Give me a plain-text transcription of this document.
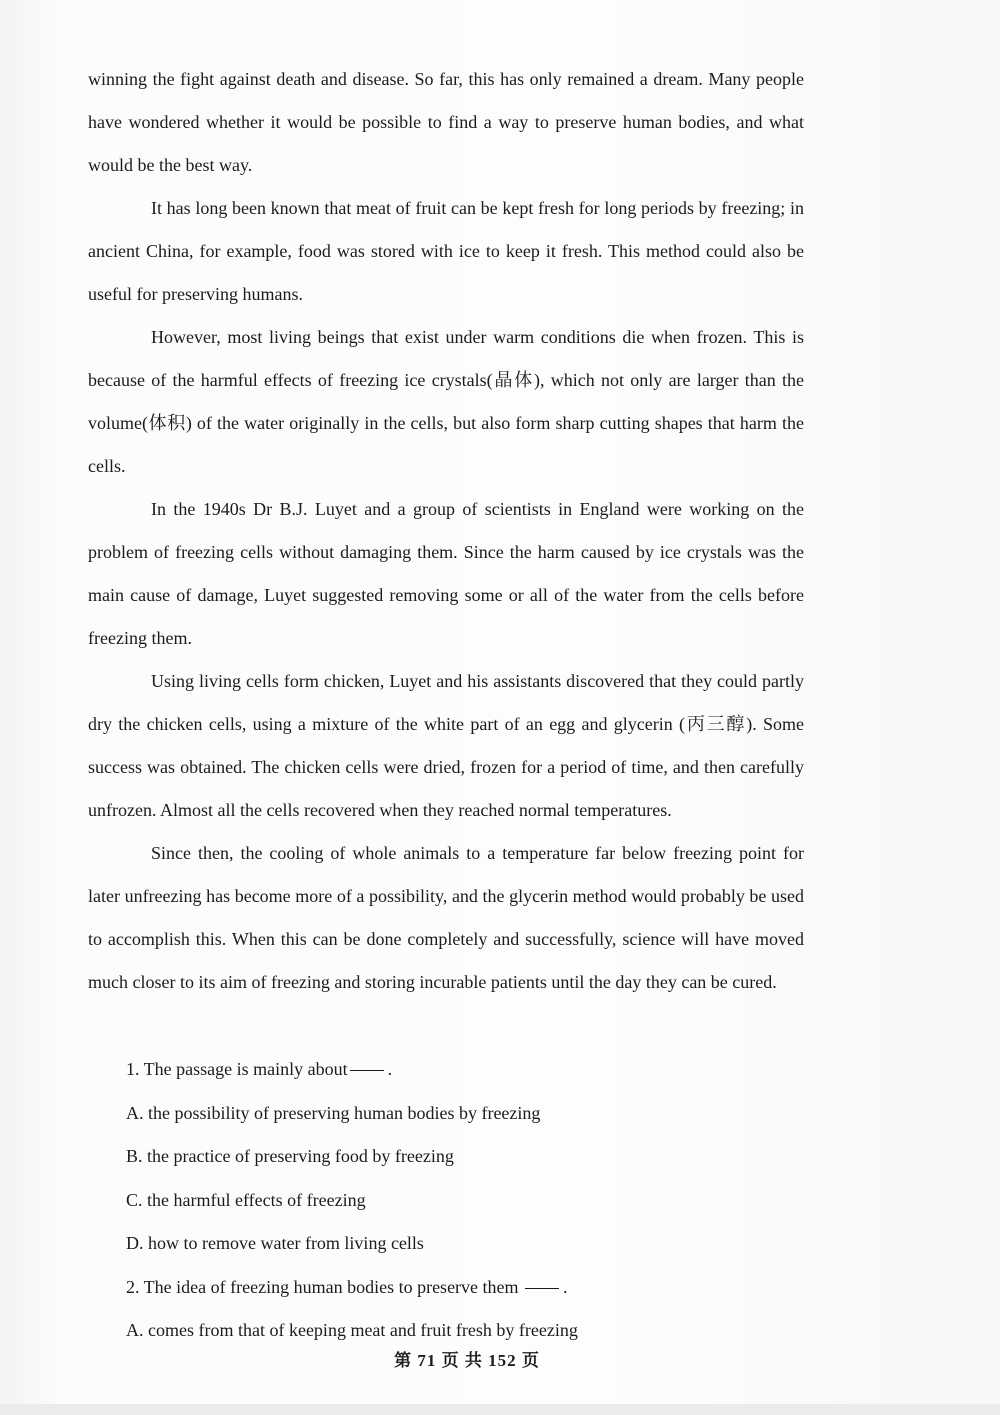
winning the fight against death and disease. So far, this has only remained a dream. Many people have wondered whether it would be possible to find a way to preserve human bodies, and what would be the best way.

It has long been known that meat of fruit can be kept fresh for long periods by freezing; in ancient China, for example, food was stored with ice to keep it fresh. This method could also be useful for preserving humans.

However, most living beings that exist under warm conditions die when frozen. This is because of the harmful effects of freezing ice crystals(晶体), which not only are larger than the volume(体积) of the water originally in the cells, but also form sharp cutting shapes that harm the cells.

In the 1940s Dr B.J. Luyet and a group of scientists in England were working on the problem of freezing cells without damaging them. Since the harm caused by ice crystals was the main cause of damage, Luyet suggested removing some or all of the water from the cells before freezing them.

Using living cells form chicken, Luyet and his assistants discovered that they could partly dry the chicken cells, using a mixture of the white part of an egg and glycerin (丙三醇). Some success was obtained. The chicken cells were dried, frozen for a period of time, and then carefully unfrozen. Almost all the cells recovered when they reached normal temperatures.

Since then, the cooling of whole animals to a temperature far below freezing point for later unfreezing has become more of a possibility, and the glycerin method would probably be used to accomplish this. When this can be done completely and successfully, science will have moved much closer to its aim of freezing and storing incurable patients until the day they can be cured.

1. The passage is mainly about .
A. the possibility of preserving human bodies by freezing
B. the practice of preserving food by freezing
C. the harmful effects of freezing
D. how to remove water from living cells
2. The idea of freezing human bodies to preserve them .
A. comes from that of keeping meat and fruit fresh by freezing
第 71 页 共 152 页
